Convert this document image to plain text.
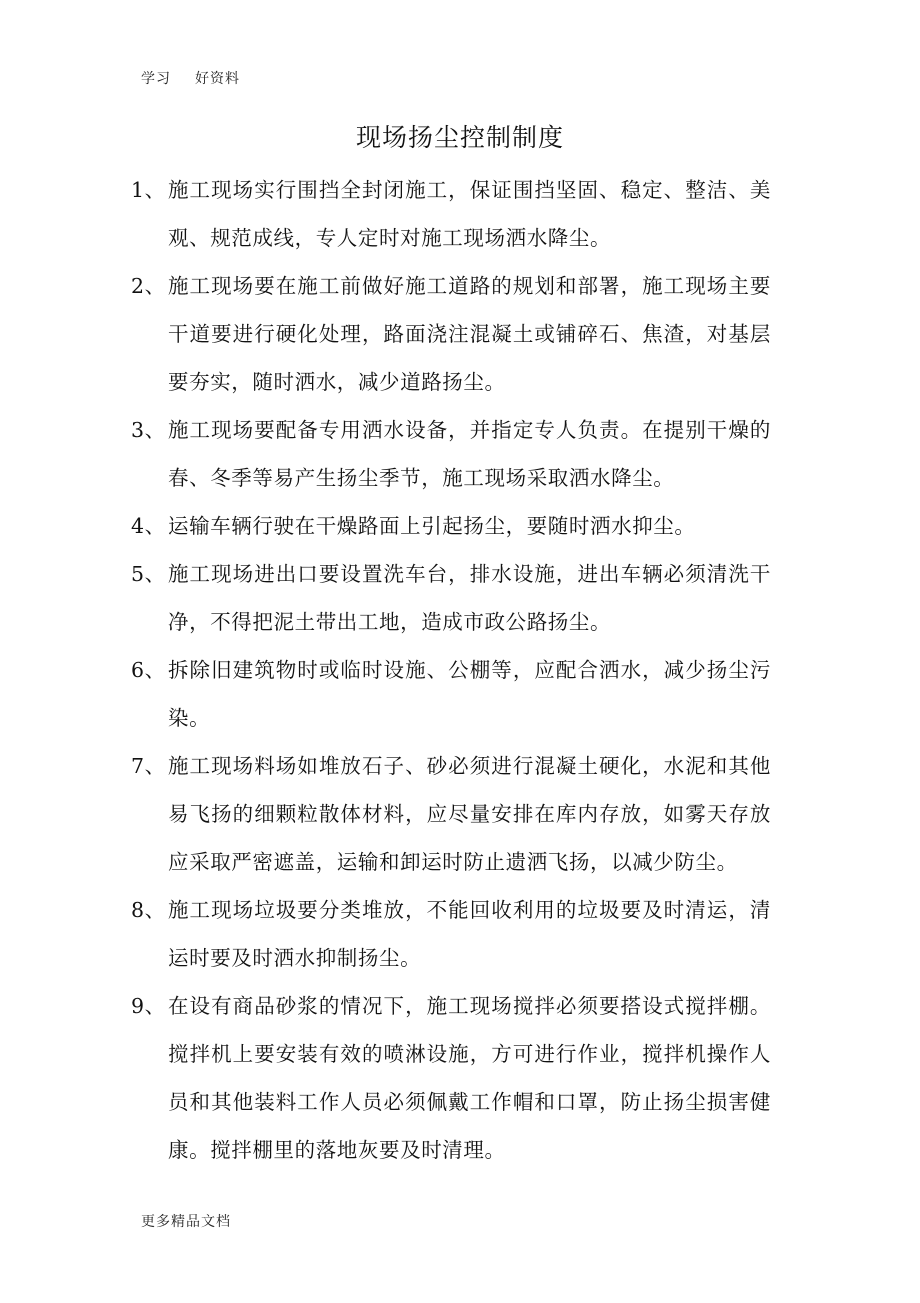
学习 好资料
现场扬尘控制制度
1、 施工现场实行围挡全封闭施工，保证围挡坚固、稳定、整洁、美观、规范成线，专人定时对施工现场洒水降尘。
2、 施工现场要在施工前做好施工道路的规划和部署，施工现场主要干道要进行硬化处理，路面浇注混凝土或铺碎石、焦渣，对基层要夯实，随时洒水，减少道路扬尘。
3、 施工现场要配备专用洒水设备，并指定专人负责。在提别干燥的春、冬季等易产生扬尘季节，施工现场采取洒水降尘。
4、 运输车辆行驶在干燥路面上引起扬尘，要随时洒水抑尘。
5、 施工现场进出口要设置洗车台，排水设施，进出车辆必须清洗干净，不得把泥土带出工地，造成市政公路扬尘。
6、 拆除旧建筑物时或临时设施、公棚等，应配合洒水，减少扬尘污染。
7、 施工现场料场如堆放石子、砂必须进行混凝土硬化，水泥和其他易飞扬的细颗粒散体材料，应尽量安排在库内存放，如雾天存放应采取严密遮盖，运输和卸运时防止遗洒飞扬，以减少防尘。
8、 施工现场垃圾要分类堆放，不能回收利用的垃圾要及时清运，清运时要及时洒水抑制扬尘。
9、 在设有商品砂浆的情况下，施工现场搅拌必须要搭设式搅拌棚。搅拌机上要安装有效的喷淋设施，方可进行作业，搅拌机操作人员和其他装料工作人员必须佩戴工作帽和口罩，防止扬尘损害健康。搅拌棚里的落地灰要及时清理。
更多精品文档
